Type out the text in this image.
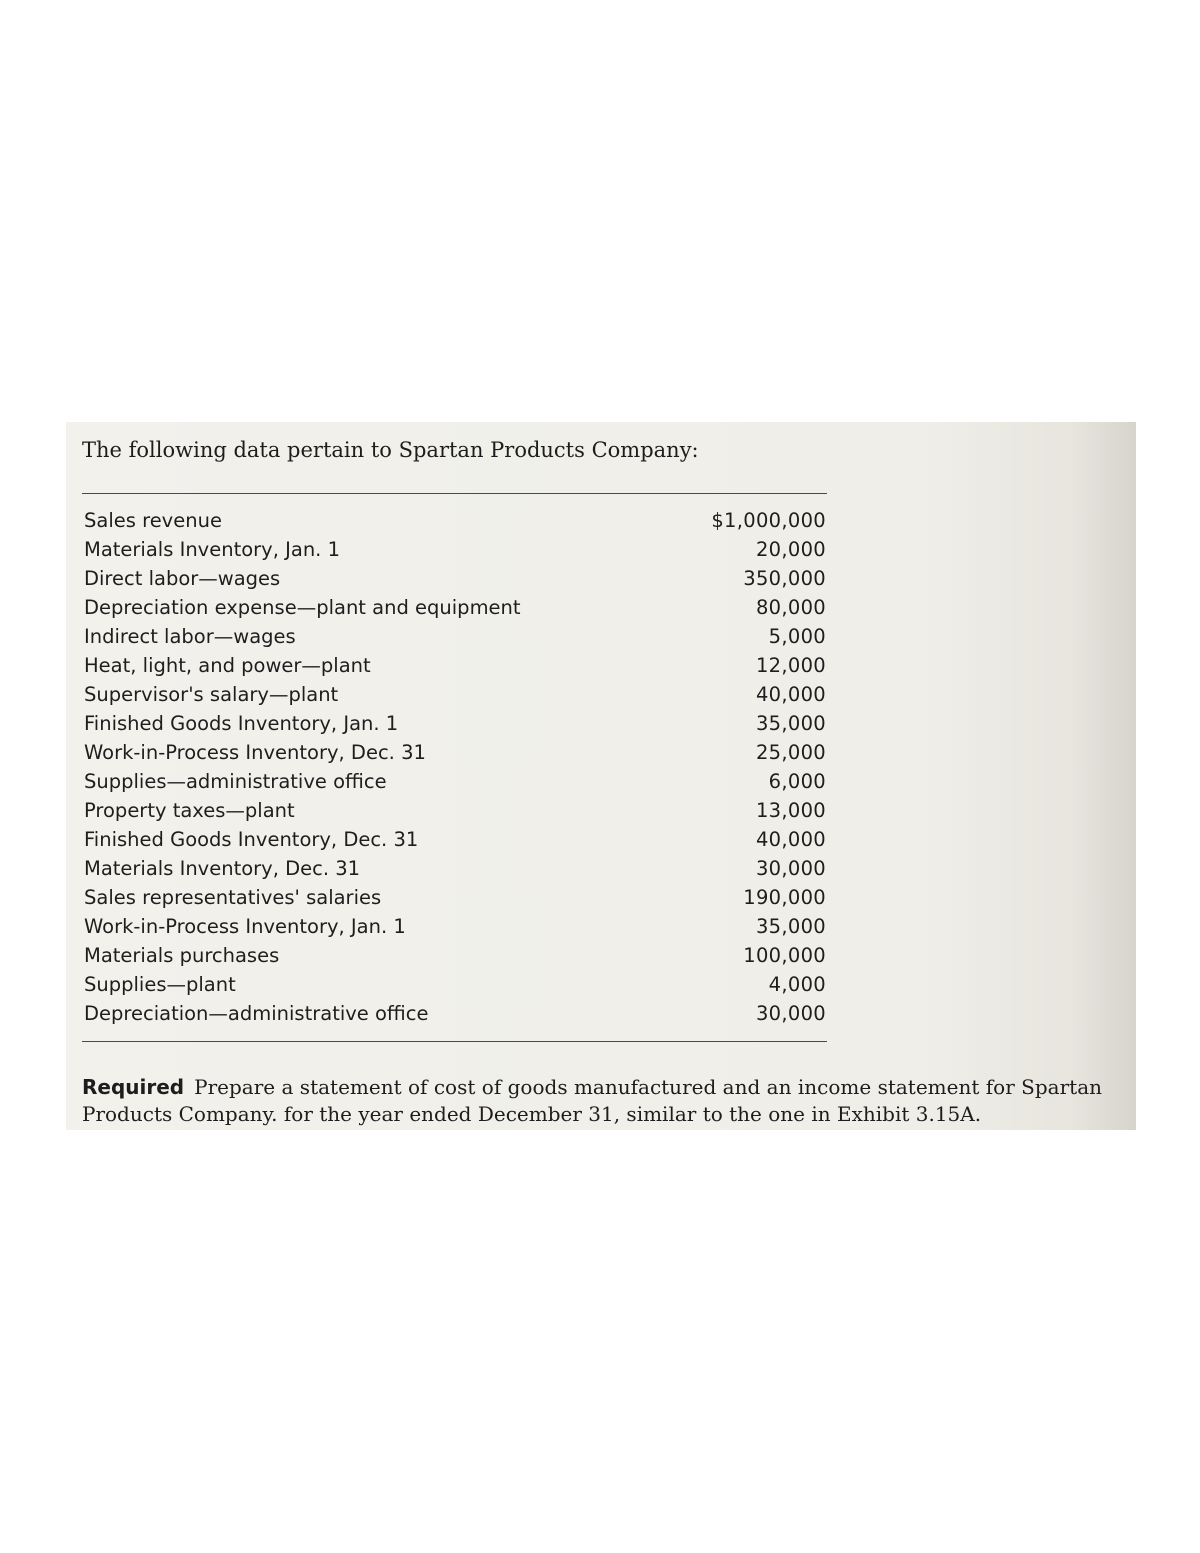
The following data pertain to Spartan Products Company:

Sales revenue	$1,000,000
Materials Inventory, Jan. 1	20,000
Direct labor—wages	350,000
Depreciation expense—plant and equipment	80,000
Indirect labor—wages	5,000
Heat, light, and power—plant	12,000
Supervisor's salary—plant	40,000
Finished Goods Inventory, Jan. 1	35,000
Work-in-Process Inventory, Dec. 31	25,000
Supplies—administrative office	6,000
Property taxes—plant	13,000
Finished Goods Inventory, Dec. 31	40,000
Materials Inventory, Dec. 31	30,000
Sales representatives' salaries	190,000
Work-in-Process Inventory, Jan. 1	35,000
Materials purchases	100,000
Supplies—plant	4,000
Depreciation—administrative office	30,000

Required Prepare a statement of cost of goods manufactured and an income statement for Spartan Products Company. for the year ended December 31, similar to the one in Exhibit 3.15A.
